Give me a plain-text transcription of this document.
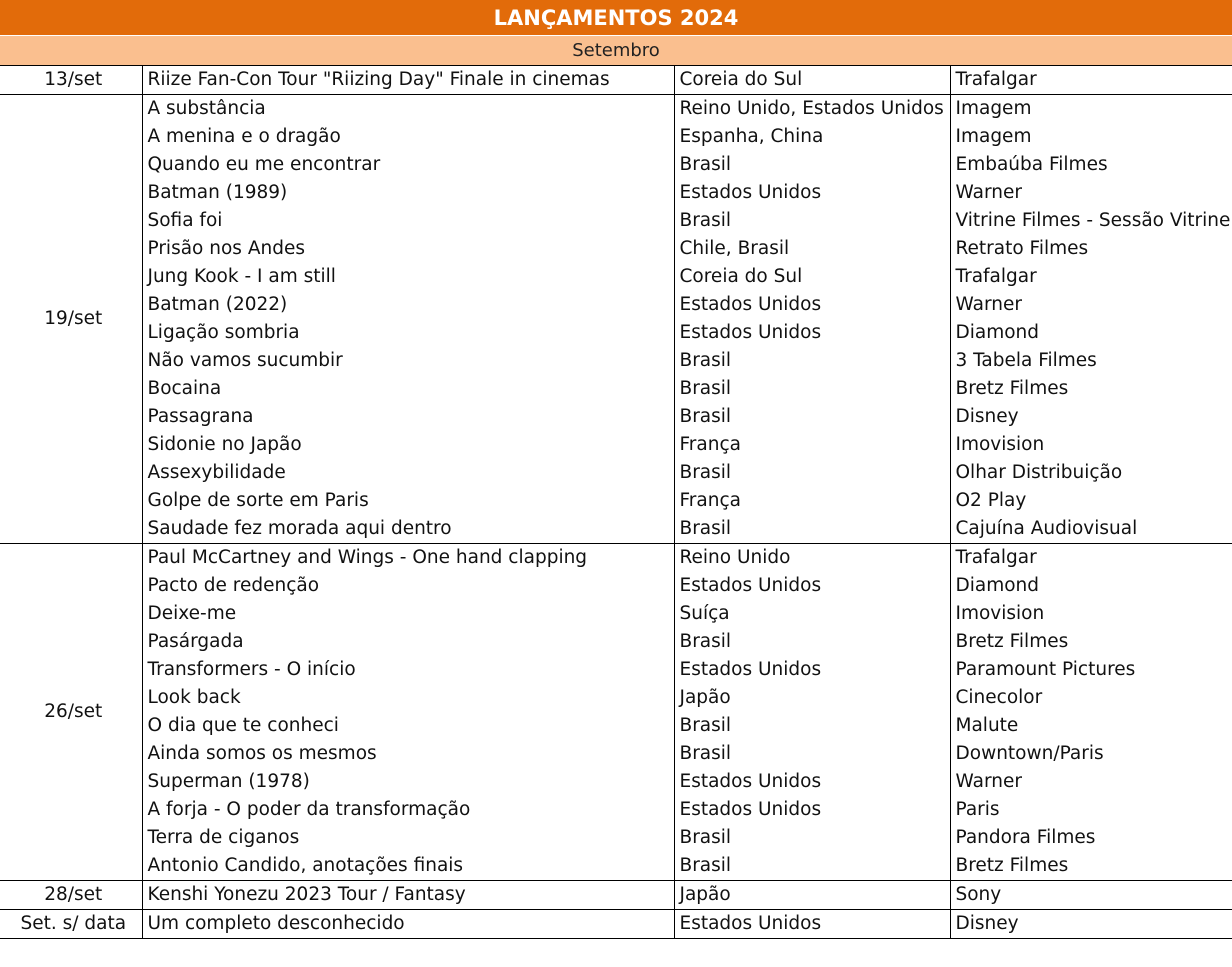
LANÇAMENTOS 2024
Setembro
13/set	Riize Fan-Con Tour "Riizing Day" Finale in cinemas	Coreia do Sul	Trafalgar
19/set	A substância	Reino Unido, Estados Unidos	Imagem
	A menina e o dragão	Espanha, China	Imagem
	Quando eu me encontrar	Brasil	Embaúba Filmes
	Batman (1989)	Estados Unidos	Warner
	Sofia foi	Brasil	Vitrine Filmes - Sessão Vitrine
	Prisão nos Andes	Chile, Brasil	Retrato Filmes
	Jung Kook - I am still	Coreia do Sul	Trafalgar
	Batman (2022)	Estados Unidos	Warner
	Ligação sombria	Estados Unidos	Diamond
	Não vamos sucumbir	Brasil	3 Tabela Filmes
	Bocaina	Brasil	Bretz Filmes
	Passagrana	Brasil	Disney
	Sidonie no Japão	França	Imovision
	Assexybilidade	Brasil	Olhar Distribuição
	Golpe de sorte em Paris	França	O2 Play
	Saudade fez morada aqui dentro	Brasil	Cajuína Audiovisual
26/set	Paul McCartney and Wings - One hand clapping	Reino Unido	Trafalgar
	Pacto de redenção	Estados Unidos	Diamond
	Deixe-me	Suíça	Imovision
	Pasárgada	Brasil	Bretz Filmes
	Transformers - O início	Estados Unidos	Paramount Pictures
	Look back	Japão	Cinecolor
	O dia que te conheci	Brasil	Malute
	Ainda somos os mesmos	Brasil	Downtown/Paris
	Superman (1978)	Estados Unidos	Warner
	A forja - O poder da transformação	Estados Unidos	Paris
	Terra de ciganos	Brasil	Pandora Filmes
	Antonio Candido, anotações finais	Brasil	Bretz Filmes
28/set	Kenshi Yonezu 2023 Tour / Fantasy	Japão	Sony
Set. s/ data	Um completo desconhecido	Estados Unidos	Disney
